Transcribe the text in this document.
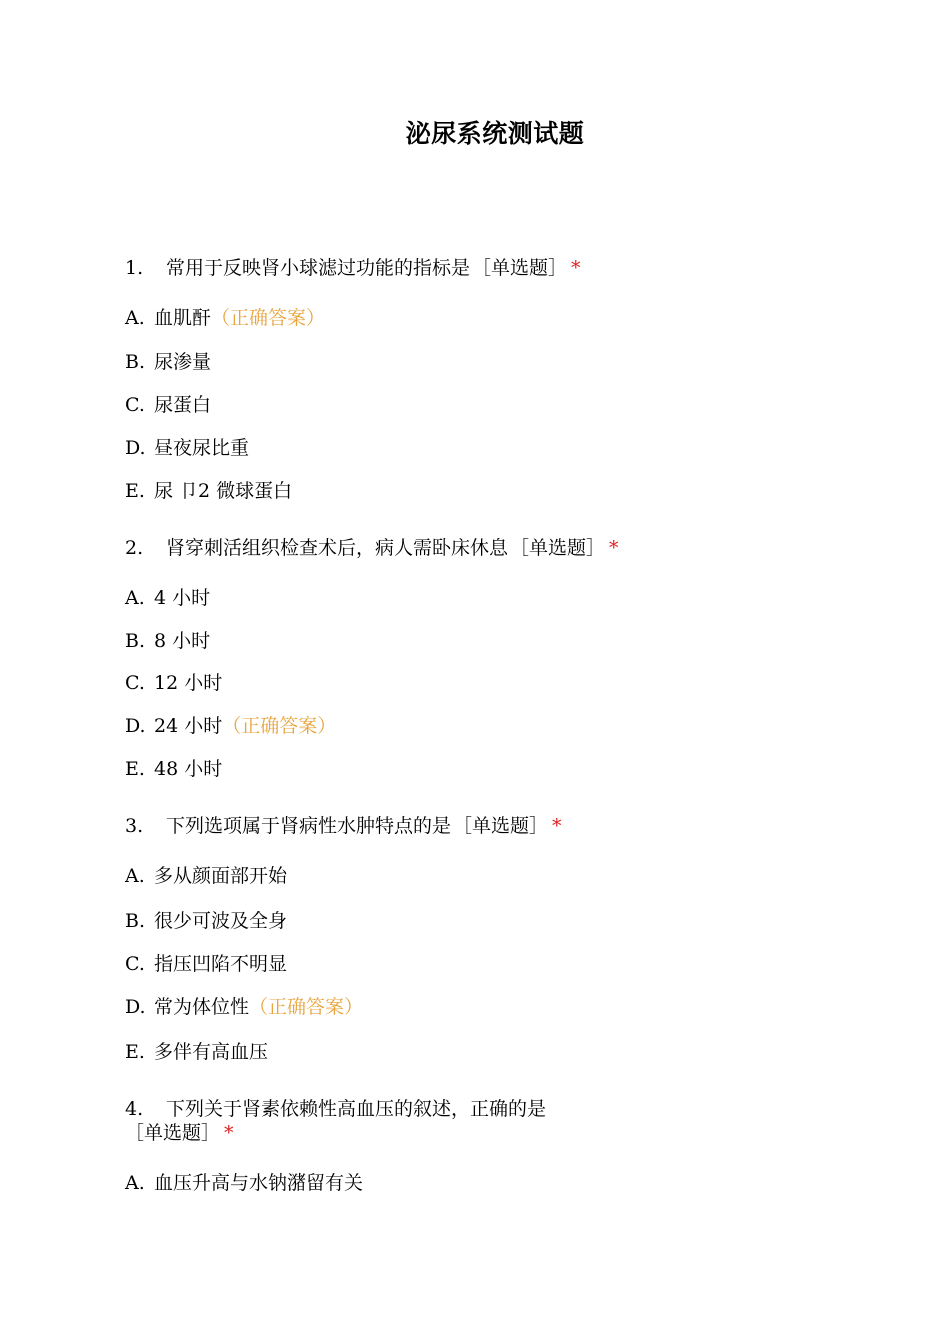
泌尿系统测试题
1. 常用于反映肾小球滤过功能的指标是 ［单选题］ *
A. 血肌酐（正确答案）
B. 尿渗量
C. 尿蛋白
D. 昼夜尿比重
E. 尿 卩2 微球蛋白
2. 肾穿刺活组织检查术后，病人需卧床休息 ［单选题］ *
A. 4 小时
B. 8 小时
C. 12 小时
D. 24 小时（正确答案）
E. 48 小时
3. 下列选项属于肾病性水肿特点的是 ［单选题］ *
A. 多从颜面部开始
B. 很少可波及全身
C. 指压凹陷不明显
D. 常为体位性（正确答案）
E. 多伴有高血压
4. 下列关于肾素依赖性高血压的叙述，正确的是［单选题］ *
A. 血压升高与水钠潴留有关
